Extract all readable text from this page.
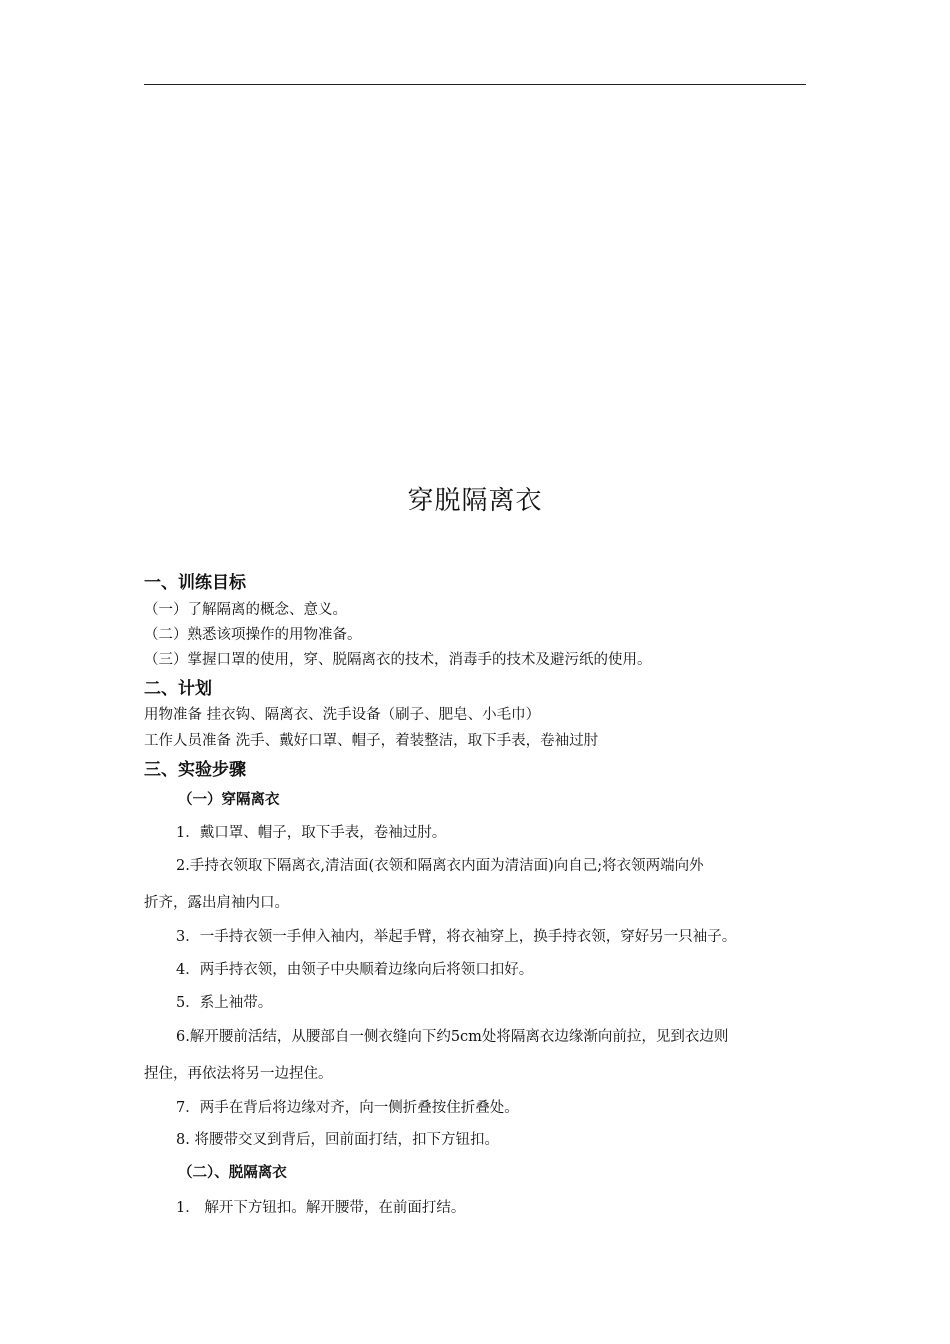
穿脱隔离衣
一、训练目标
（一）了解隔离的概念、意义。
（二）熟悉该项操作的用物准备。
（三）掌握口罩的使用，穿、脱隔离衣的技术，消毒手的技术及避污纸的使用。
二、计划
用物准备 挂衣钩、隔离衣、洗手设备（刷子、肥皂、小毛巾）
工作人员准备 洗手、戴好口罩、帽子，着装整洁，取下手表，卷袖过肘
三、实验步骤
（一）穿隔离衣
1．戴口罩、帽子，取下手表，卷袖过肘。
2.手持衣领取下隔离衣,清洁面(衣领和隔离衣内面为清洁面)向自己;将衣领两端向外
折齐，露出肩袖内口。
3．一手持衣领一手伸入袖内，举起手臂，将衣袖穿上，换手持衣领，穿好另一只袖子。
4．两手持衣领，由领子中央顺着边缘向后将领口扣好。
5．系上袖带。
6.解开腰前活结，从腰部自一侧衣缝向下约5cm处将隔离衣边缘渐向前拉，见到衣边则
捏住，再依法将另一边捏住。
7．两手在背后将边缘对齐，向一侧折叠按住折叠处。
8. 将腰带交叉到背后，回前面打结，扣下方钮扣。
（二）、脱隔离衣
1． 解开下方钮扣。解开腰带，在前面打结。
